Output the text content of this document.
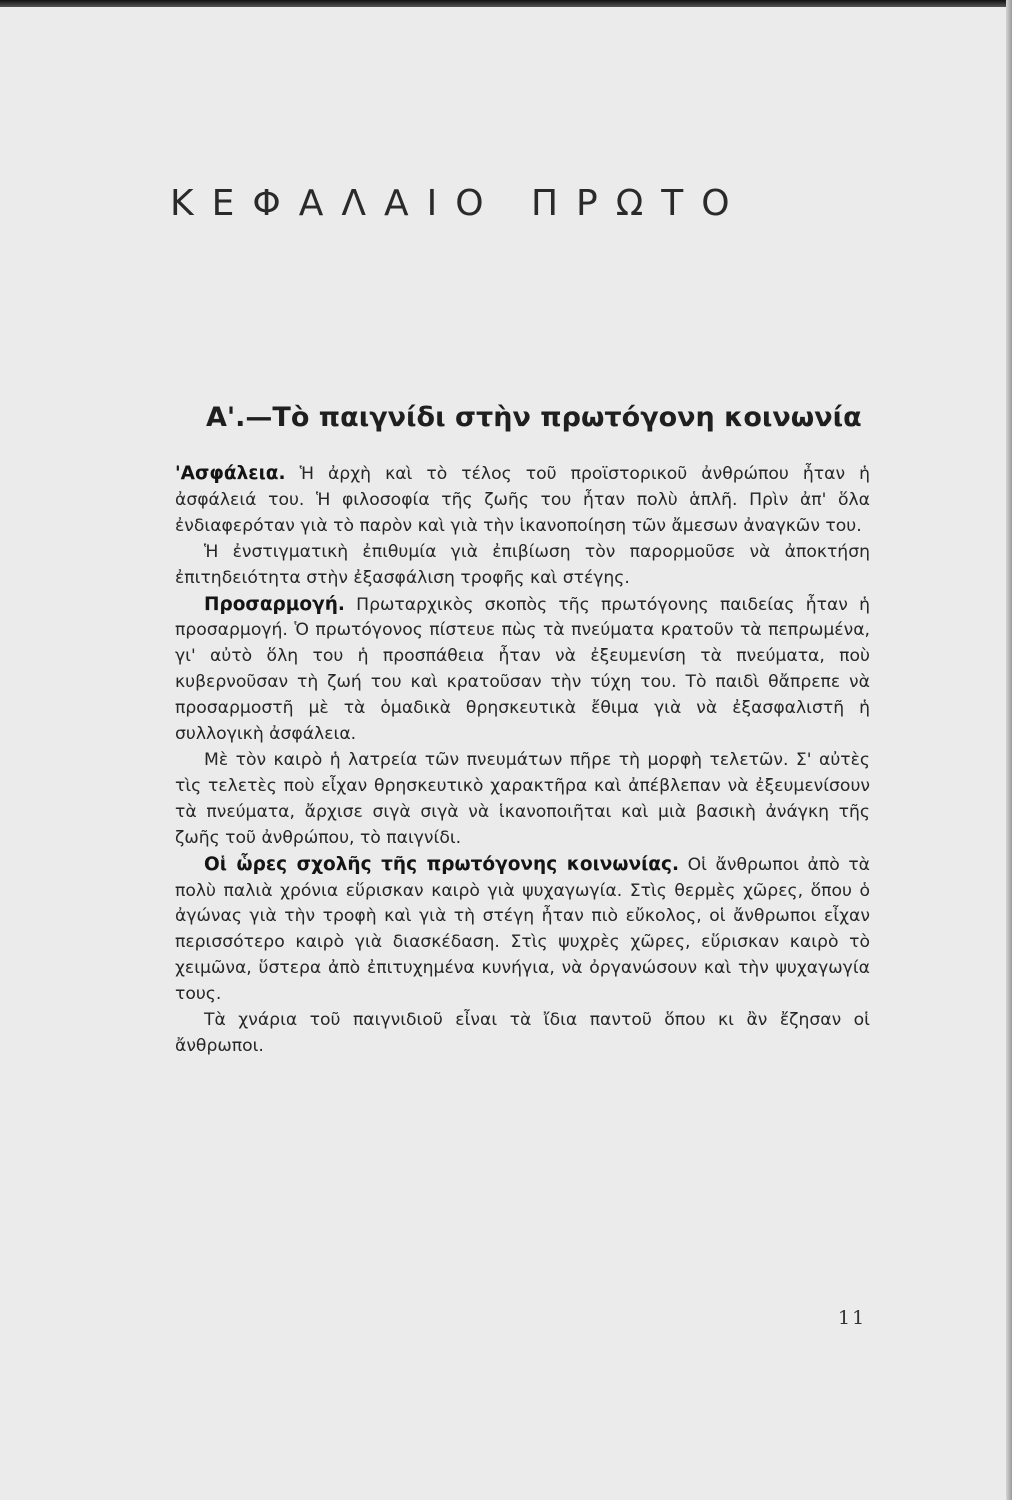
ΚΕΦΑΛΑΙΟ ΠΡΩΤΟ
Α'.—Τὸ παιγνίδι στὴν πρωτόγονη κοινωνία

'Ασφάλεια. Ἡ ἀρχὴ καὶ τὸ τέλος τοῦ προϊστορικοῦ ἀνθρώπου ἦταν ἡ ἀσφάλειά του. Ἡ φιλοσοφία τῆς ζωῆς του ἦταν πολὺ ἁπλῆ. Πρὶν ἀπ' ὅλα ἐνδιαφερόταν γιὰ τὸ παρὸν καὶ γιὰ τὴν ἱκανοποίηση τῶν ἄμεσων ἀναγκῶν του.

Ἡ ἐνστιγματικὴ ἐπιθυμία γιὰ ἐπιβίωση τὸν παρορμοῦσε νὰ ἀποκτήση ἐπιτηδειότητα στὴν ἐξασφάλιση τροφῆς καὶ στέγης.

Προσαρμογή. Πρωταρχικὸς σκοπὸς τῆς πρωτόγονης παιδείας ἦταν ἡ προσαρμογή. Ὁ πρωτόγονος πίστευε πὼς τὰ πνεύματα κρατοῦν τὰ πεπρωμένα, γι' αὐτὸ ὅλη του ἡ προσπάθεια ἦταν νὰ ἐξευμενίση τὰ πνεύματα, ποὺ κυβερνοῦσαν τὴ ζωή του καὶ κρατοῦσαν τὴν τύχη του. Τὸ παιδὶ θἄπρεπε νὰ προσαρμοστῆ μὲ τὰ ὁμαδικὰ θρησκευτικὰ ἔθιμα γιὰ νὰ ἐξασφαλιστῆ ἡ συλλογικὴ ἀσφάλεια.

Μὲ τὸν καιρὸ ἡ λατρεία τῶν πνευμάτων πῆρε τὴ μορφὴ τελετῶν. Σ' αὐτὲς τὶς τελετὲς ποὺ εἶχαν θρησκευτικὸ χαρακτῆρα καὶ ἀπέβλεπαν νὰ ἐξευμενίσουν τὰ πνεύματα, ἄρχισε σιγὰ σιγὰ νὰ ἱκανοποιῆται καὶ μιὰ βασικὴ ἀνάγκη τῆς ζωῆς τοῦ ἀνθρώπου, τὸ παιγνίδι.

Οἱ ὧρες σχολῆς τῆς πρωτόγονης κοινωνίας. Οἱ ἄνθρωποι ἀπὸ τὰ πολὺ παλιὰ χρόνια εὕρισκαν καιρὸ γιὰ ψυχαγωγία. Στὶς θερμὲς χῶρες, ὅπου ὁ ἀγώνας γιὰ τὴν τροφὴ καὶ γιὰ τὴ στέγη ἦταν πιὸ εὔκολος, οἱ ἄνθρωποι εἶχαν περισσότερο καιρὸ γιὰ διασκέδαση. Στὶς ψυχρὲς χῶρες, εὕρισκαν καιρὸ τὸ χειμῶνα, ὕστερα ἀπὸ ἐπιτυχημένα κυνήγια, νὰ ὀργανώσουν καὶ τὴν ψυχαγωγία τους.

Τὰ χνάρια τοῦ παιγνιδιοῦ εἶναι τὰ ἴδια παντοῦ ὅπου κι ἂν ἔζησαν οἱ ἄνθρωποι.

11
